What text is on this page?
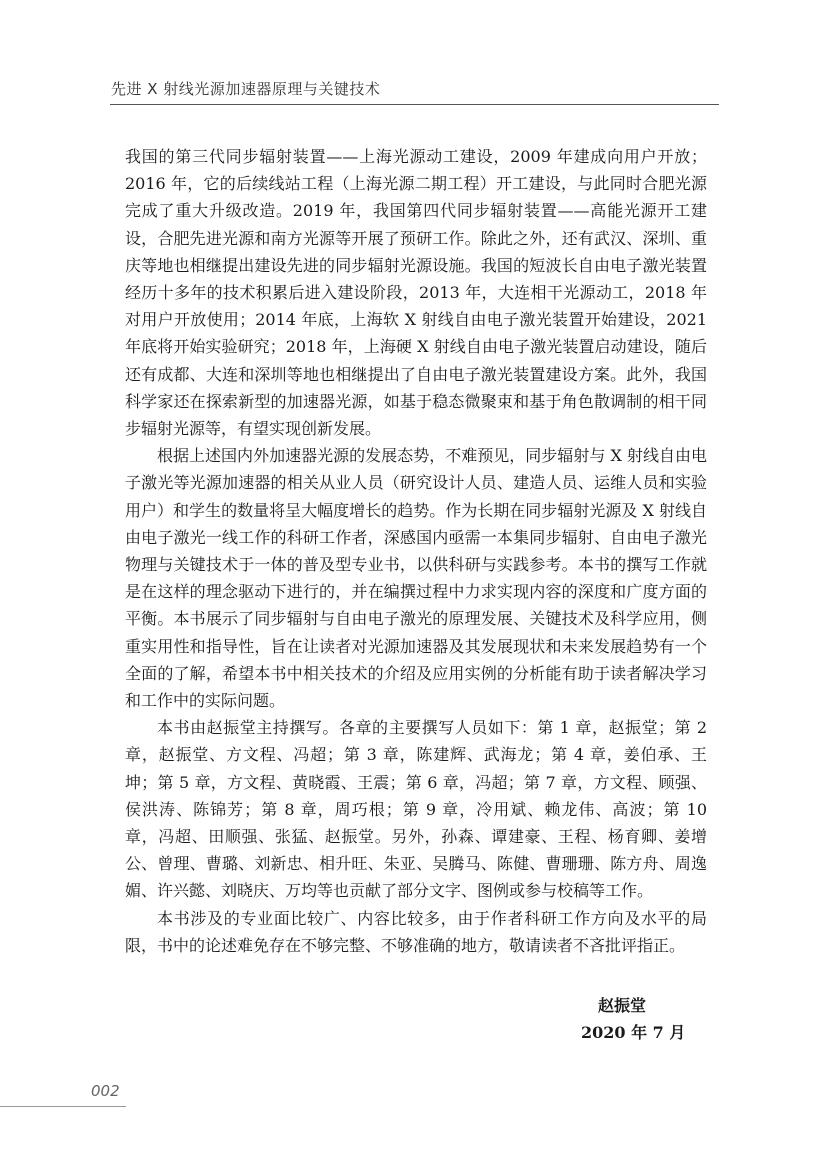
先进 X 射线光源加速器原理与关键技术

我国的第三代同步辐射装置——上海光源动工建设，2009 年建成向用户开放；2016 年，它的后续线站工程（上海光源二期工程）开工建设，与此同时合肥光源完成了重大升级改造。2019 年，我国第四代同步辐射装置——高能光源开工建设，合肥先进光源和南方光源等开展了预研工作。除此之外，还有武汉、深圳、重庆等地也相继提出建设先进的同步辐射光源设施。我国的短波长自由电子激光装置经历十多年的技术积累后进入建设阶段，2013 年，大连相干光源动工，2018 年对用户开放使用；2014 年底，上海软 X 射线自由电子激光装置开始建设，2021 年底将开始实验研究；2018 年，上海硬 X 射线自由电子激光装置启动建设，随后还有成都、大连和深圳等地也相继提出了自由电子激光装置建设方案。此外，我国科学家还在探索新型的加速器光源，如基于稳态微聚束和基于角色散调制的相干同步辐射光源等，有望实现创新发展。

根据上述国内外加速器光源的发展态势，不难预见，同步辐射与 X 射线自由电子激光等光源加速器的相关从业人员（研究设计人员、建造人员、运维人员和实验用户）和学生的数量将呈大幅度增长的趋势。作为长期在同步辐射光源及 X 射线自由电子激光一线工作的科研工作者，深感国内亟需一本集同步辐射、自由电子激光物理与关键技术于一体的普及型专业书，以供科研与实践参考。本书的撰写工作就是在这样的理念驱动下进行的，并在编撰过程中力求实现内容的深度和广度方面的平衡。本书展示了同步辐射与自由电子激光的原理发展、关键技术及科学应用，侧重实用性和指导性，旨在让读者对光源加速器及其发展现状和未来发展趋势有一个全面的了解，希望本书中相关技术的介绍及应用实例的分析能有助于读者解决学习和工作中的实际问题。

本书由赵振堂主持撰写。各章的主要撰写人员如下：第 1 章，赵振堂；第 2 章，赵振堂、方文程、冯超；第 3 章，陈建辉、武海龙；第 4 章，姜伯承、王坤；第 5 章，方文程、黄晓霞、王震；第 6 章，冯超；第 7 章，方文程、顾强、侯洪涛、陈锦芳；第 8 章，周巧根；第 9 章，冷用斌、赖龙伟、高波；第 10 章，冯超、田顺强、张猛、赵振堂。另外，孙森、谭建豪、王程、杨育卿、姜增公、曾理、曹璐、刘新忠、相升旺、朱亚、吴腾马、陈健、曹珊珊、陈方舟、周逸媚、许兴懿、刘晓庆、万均等也贡献了部分文字、图例或参与校稿等工作。

本书涉及的专业面比较广、内容比较多，由于作者科研工作方向及水平的局限，书中的论述难免存在不够完整、不够准确的地方，敬请读者不吝批评指正。

赵振堂
2020 年 7 月
002
